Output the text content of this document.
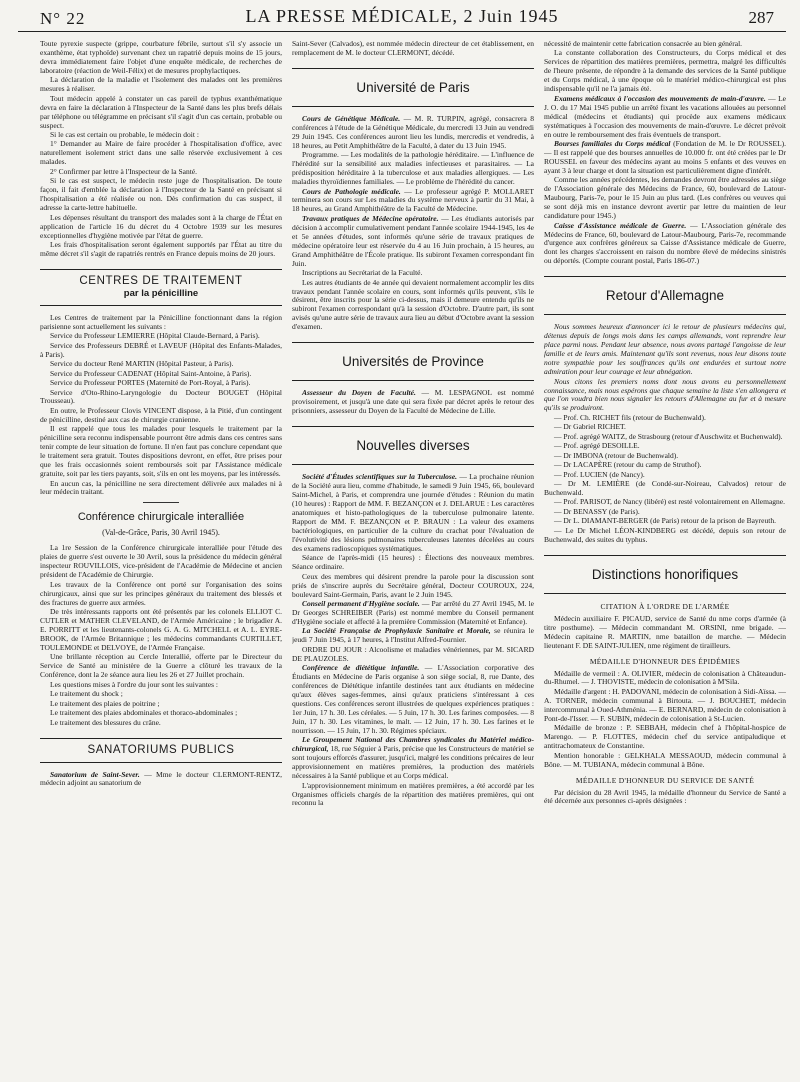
N° 22	LA PRESSE MÉDICALE, 2 Juin 1945	287

Toute pyrexie suspecte (grippe, courbature fébrile, surtout s'il s'y associe un exanthème, état typhoïde) survenant chez un rapatrié depuis moins de 15 jours, devra immédiatement faire l'objet d'une enquête médicale, de recherches de laboratoire (réaction de Weil-Félix) et de mesures prophylactiques.

La déclaration de la maladie et l'isolement des malades ont les premières mesures à réaliser.

Tout médecin appelé à constater un cas pareil de typhus exanthématique devra en faire la déclaration à l'Inspecteur de la Santé dans les plus brefs délais par téléphone ou télégramme en précisant s'il s'agit d'un cas certain, probable ou suspect.

Si le cas est certain ou probable, le médecin doit :

1° Demander au Maire de faire procéder à l'hospitalisation d'office, avec naturellement isolement strict dans une salle réservée exclusivement à ces malades.

2° Confirmer par lettre à l'Inspecteur de la Santé.

Si le cas est suspect, le médecin reste juge de l'hospitalisation. De toute façon, il fait d'emblée la déclaration à l'Inspecteur de la Santé en précisant si l'hospitalisation a été réalisée ou non. Dès confirmation du cas suspect, il adresse la carte-lettre habituelle.

Les dépenses résultant du transport des malades sont à la charge de l'État en application de l'article 16 du décret du 4 Octobre 1939 sur les mesures exceptionnelles d'hygiène motivée par l'état de guerre.

Les frais d'hospitalisation seront également supportés par l'État au titre du même décret s'il s'agit de rapatriés rentrés en France depuis moins de 20 jours.

CENTRES DE TRAITEMENT
par la pénicilline

Les Centres de traitement par la Pénicilline fonctionnant dans la région parisienne sont actuellement les suivants :

Service du Professeur LEMIERRE (Hôpital Claude-Bernard, à Paris).

Service des Professeurs DEBRÉ et LAVEUF (Hôpital des Enfants-Malades, à Paris).

Service du docteur René MARTIN (Hôpital Pasteur, à Paris).

Service du Professeur CADENAT (Hôpital Saint-Antoine, à Paris).

Service du Professeur PORTES (Maternité de Port-Royal, à Paris).

Service d'Oto-Rhino-Laryngologie du Docteur BOUGET (Hôpital Trousseau).

En outre, le Professeur Clovis VINCENT dispose, à la Pitié, d'un contingent de pénicilline, destiné aux cas de chirurgie cranienne.

Il est rappelé que tous les malades pour lesquels le traitement par la pénicilline sera reconnu indispensable pourront être admis dans ces centres sans tenir compte de leur situation de fortune. Il n'en faut pas conclure cependant que le traitement sera gratuit. Toutes dispositions devront, en effet, être prises pour que les frais occasionnés soient remboursés soit par l'Assistance médicale gratuite, soit par les tiers payants, soit, s'ils en ont les moyens, par les intéressés.

En aucun cas, la pénicilline ne sera directement délivrée aux malades ni à leur médecin traitant.

Conférence chirurgicale interalliée
(Val-de-Grâce, Paris, 30 Avril 1945).

La 1re Session de la Conférence chirurgicale interalliée pour l'étude des plaies de guerre s'est ouverte le 30 Avril, sous la présidence du médecin général inspecteur ROUVILLOIS, vice-président de l'Académie de Médecine et ancien président de l'Académie de Chirurgie.

Les travaux de la Conférence ont porté sur l'organisation des soins chirurgicaux, ainsi que sur les principes généraux du traitement des blessés et des fractures de guerre aux armées.

De très intéressants rapports ont été présentés par les colonels ELLIOT C. CUTLER et MATHER CLEVELAND, de l'Armée Américaine ; le brigadier A. E. PORRITT et les lieutenants-colonels G. A. G. MITCHELL et A. L. EYRE-BROOK, de l'Armée Britannique ; les médecins commandants CURTILLET, TOULEMONDE et DELVOYE, de l'Armée Française.

Une brillante réception au Cercle Interallié, offerte par le Directeur du Service de Santé au ministère de la Guerre a clôturé les travaux de la Conférence, dont la 2e séance aura lieu les 26 et 27 Juillet prochain.

Les questions mises à l'ordre du jour sont les suivantes :

Le traitement du shock ;

Le traitement des plaies de poitrine ;

Le traitement des plaies abdominales et thoraco-abdominales ;

Le traitement des blessures du crâne.

SANATORIUMS PUBLICS

Sanatorium de Saint-Sever. — Mme le docteur CLERMONT-RENTZ, médecin adjoint au sanatorium de

Saint-Sever (Calvados), est nommée médecin directeur de cet établissement, en remplacement de M. le docteur CLERMONT, décédé.

Université de Paris

Cours de Génétique Médicale. — M. R. TURPIN, agrégé, consacrera 8 conférences à l'étude de la Génétique Médicale, du mercredi 13 Juin au vendredi 29 Juin 1945. Ces conférences auront lieu les lundis, mercredis et vendredis, à 18 heures, au Petit Amphithéâtre de la Faculté, à dater du 13 Juin 1945.

Programme. — Les modalités de la pathologie héréditaire. — L'influence de l'hérédité sur la sensibilité aux maladies infectieuses et parasitaires. — La prédisposition héréditaire à la tuberculose et aux maladies allergiques. — Les maladies thyroïdiennes familiales. — Le problème de l'hérédité du cancer.

Cours de Pathologie médicale. — Le professeur agrégé P. MOLLARET terminera son cours sur Les maladies du système nerveux à partir du 31 Mai, à 18 heures, au Grand Amphithéâtre de la Faculté de Médecine.

Travaux pratiques de Médecine opératoire. — Les étudiants autorisés par décision à accomplir cumulativement pendant l'année scolaire 1944-1945, les 4e et 5e années d'études, sont informés qu'une série de travaux pratiques de médecine opératoire leur est réservée du 4 au 16 Juin prochain, à 15 heures, au Grand Amphithéâtre de l'École pratique. Ils subiront l'examen correspondant fin Juin.

Inscriptions au Secrétariat de la Faculté.

Les autres étudiants de 4e année qui devaient normalement accomplir les dits travaux pendant l'année scolaire en cours, sont informés qu'ils peuvent, s'ils le désirent, être inscrits pour la série ci-dessus, mais il demeure entendu qu'ils ne subiront l'examen correspondant qu'à la session d'Octobre. D'autre part, ils sont avisés qu'une autre série de travaux aura lieu au début d'Octobre avant la session d'examen.

Universités de Province

Assesseur du Doyen de Faculté. — M. LESPAGNOL est nommé provisoirement, et jusqu'à une date qui sera fixée par décret après le retour des prisonniers, assesseur du Doyen de la Faculté de Médecine de Lille.

Nouvelles diverses

Société d'Études scientifiques sur la Tuberculose. — La prochaine réunion de la Société aura lieu, comme d'habitude, le samedi 9 Juin 1945, 66, boulevard Saint-Michel, à Paris, et comprendra une journée d'études : Réunion du matin (10 heures) : Rapport de MM. F. BEZANÇON et J. DELARUE : Les caractères anatomiques et histo-pathologiques de la tuberculose pulmonaire latente. Rapport de MM. F. BEZANÇON et P. BRAUN : La valeur des examens bactériologiques, en particulier de la culture du crachat pour l'évaluation de l'évolutivité des lésions pulmonaires tuberculeuses latentes décelées au cours des examens radioscopiques systématiques.

Séance de l'après-midi (15 heures) : Élections des nouveaux membres. Séance ordinaire.

Ceux des membres qui désirent prendre la parole pour la discussion sont priés de s'inscrire auprès du Secrétaire général, Docteur COUROUX, 224, boulevard Saint-Germain, Paris, avant le 2 Juin 1945.

Conseil permanent d'Hygiène sociale. — Par arrêté du 27 Avril 1945, M. le Dr Georges SCHREIBER (Paris) est nommé membre du Conseil permanent d'Hygiène sociale et affecté à la première Commission (Maternité et Enfance).

La Société Française de Prophylaxie Sanitaire et Morale, se réunira le jeudi 7 Juin 1945, à 17 heures, à l'Institut Alfred-Fournier.

ORDRE DU JOUR : Alcoolisme et maladies vénériennes, par M. SICARD DE PLAUZOLES.

Conférence de diététique infantile. — L'Association corporative des Étudiants en Médecine de Paris organise à son siège social, 8, rue Dante, des conférences de Diététique infantile destinées tant aux étudiants en médecine qu'aux élèves sages-femmes, ainsi qu'aux praticiens s'intéressant à ces questions. Ces conférences seront illustrées de quelques expériences pratiques : 1er Juin, 17 h. 30. Les céréales. — 5 Juin, 17 h. 30. Les farines composées. — 8 Juin, 17 h. 30. Les vitamines, le malt. — 12 Juin, 17 h. 30. Les farines et le nourrisson. — 15 Juin, 17 h. 30. Régimes spéciaux.

Le Groupement National des Chambres syndicales du Matériel médico-chirurgical, 18, rue Séguier à Paris, précise que les Constructeurs de matériel se sont toujours efforcés d'assurer, jusqu'ici, malgré les conditions précaires de leur approvisionnement en matières premières, la production des matériels nécessaires à la Santé publique et au Corps médical.

L'approvisionnement minimum en matières premières, a été accordé par les Organismes officiels chargés de la répartition des matières premières, qui ont reconnu la

nécessité de maintenir cette fabrication consacrée au bien général.

La constante collaboration des Constructeurs, du Corps médical et des Services de répartition des matières premières, permettra, malgré les difficultés de l'heure présente, de répondre à la demande des services de la Santé publique et du Corps médical, à une époque où le matériel médico-chirurgical est plus indispensable qu'il ne l'a jamais été.

Examens médicaux à l'occasion des mouvements de main-d'œuvre. — Le J. O. du 17 Mai 1945 publie un arrêté fixant les vacations allouées au personnel médical (médecins et étudiants) qui procède aux examens médicaux systématiques à l'occasion des mouvements de main-d'œuvre. Le décret prévoit en outre le remboursement des frais éventuels de transport.

Bourses familiales du Corps médical (Fondation de M. le Dr ROUSSEL). — Il est rappelé que des bourses annuelles de 10.000 fr. ont été créées par le Dr ROUSSEL en faveur des médecins ayant au moins 5 enfants et des veuves en ayant 3 à leur charge et dont la situation est particulièrement digne d'intérêt.

Comme les années précédentes, les demandes devront être adressées au siège de l'Association générale des Médecins de France, 60, boulevard de Latour-Maubourg, Paris-7e, pour le 15 Juin au plus tard. (Les confrères ou veuves qui se sont déjà mis en instance devront avertir par lettre du maintien de leur candidature pour 1945.)

Caisse d'Assistance médicale de Guerre. — L'Association générale des Médecins de France, 60, boulevard de Latour-Maubourg, Paris-7e, recommande d'urgence aux confrères généreux sa Caisse d'Assistance médicale de Guerre, dont les charges s'accroissent en raison du nombre élevé de médecins sinistrés ou déportés. (Compte courant postal, Paris 186-07.)

Retour d'Allemagne

Nous sommes heureux d'annoncer ici le retour de plusieurs médecins qui, détenus depuis de longs mois dans les camps allemands, vont reprendre leur place parmi nous. Pendant leur absence, nous avons partagé l'angoisse de leur famille et de leurs amis. Maintenant qu'ils sont revenus, nous leur disons toute notre sympathie pour les souffrances qu'ils ont endurées et surtout notre admiration pour leur courage et leur abnégation.

Nous citons les premiers noms dont nous avons eu personnellement connaissance, mais nous espérons que chaque semaine la liste s'en allongera et que l'on voudra bien nous signaler les retours d'Allemagne au fur et à mesure qu'ils se produiront.

— Prof. Ch. RICHET fils (retour de Buchenwald).

— Dr Gabriel RICHET.

— Prof. agrégé WAITZ, de Strasbourg (retour d'Auschwitz et Buchenwald).

— Prof. agrégé DESOILLE.

— Dr IMBONA (retour de Buchenwald).

— Dr LACAPÈRE (retour du camp de Struthof).

— Prof. LUCIEN (de Nancy).

— Dr M. LEMIÈRE (de Condé-sur-Noireau, Calvados) retour de Buchenwald.

— Prof. PARISOT, de Nancy (libéré) est resté volontairement en Allemagne.

— Dr BENASSY (de Paris).

— Dr L. DIAMANT-BERGER (de Paris) retour de la prison de Bayreuth.

— Le Dr Michel LÉON-KINDBERG est décédé, depuis son retour de Buchenwald, des suites du typhus.

Distinctions honorifiques
CITATION À L'ORDRE DE L'ARMÉE

Médecin auxiliaire F. PICAUD, service de Santé du nme corps d'armée (à titre posthume). — Médecin commandant M. ORSINI, nme brigade. — Médecin capitaine R. MARTIN, nme bataillon de marche. — Médecin lieutenant F. DE SAINT-JULIEN, nme régiment de tirailleurs.

MÉDAILLE D'HONNEUR DES ÉPIDÉMIES

Médaille de vermeil : A. OLIVIER, médecin de colonisation à Châteaudun-du-Rhumel. — J. THOVISTE, médecin de colonisation à M'Sila.

Médaille d'argent : H. PADOVANI, médecin de colonisation à Sidi-Aïssa. — A. TORNER, médecin communal à Birtouta. — J. BOUCHET, médecin intercommunal à Oued-Athménia. — E. BERNARD, médecin de colonisation à Pont-de-l'Isser. — F. SUBIN, médecin de colonisation à St-Lucien.

Médaille de bronze : P. SEBBAH, médecin chef à l'hôpital-hospice de Marengo. — P. FLOTTES, médecin chef du service antipaludique et antitrachomateux de Constantine.

Mention honorable : GELKHALA MESSAOUD, médecin communal à Bône. — M. TUBIANA, médecin communal à Bône.

MÉDAILLE D'HONNEUR DU SERVICE DE SANTÉ

Par décision du 28 Avril 1945, la médaille d'honneur du Service de Santé a été décernée aux personnes ci-après désignées :
